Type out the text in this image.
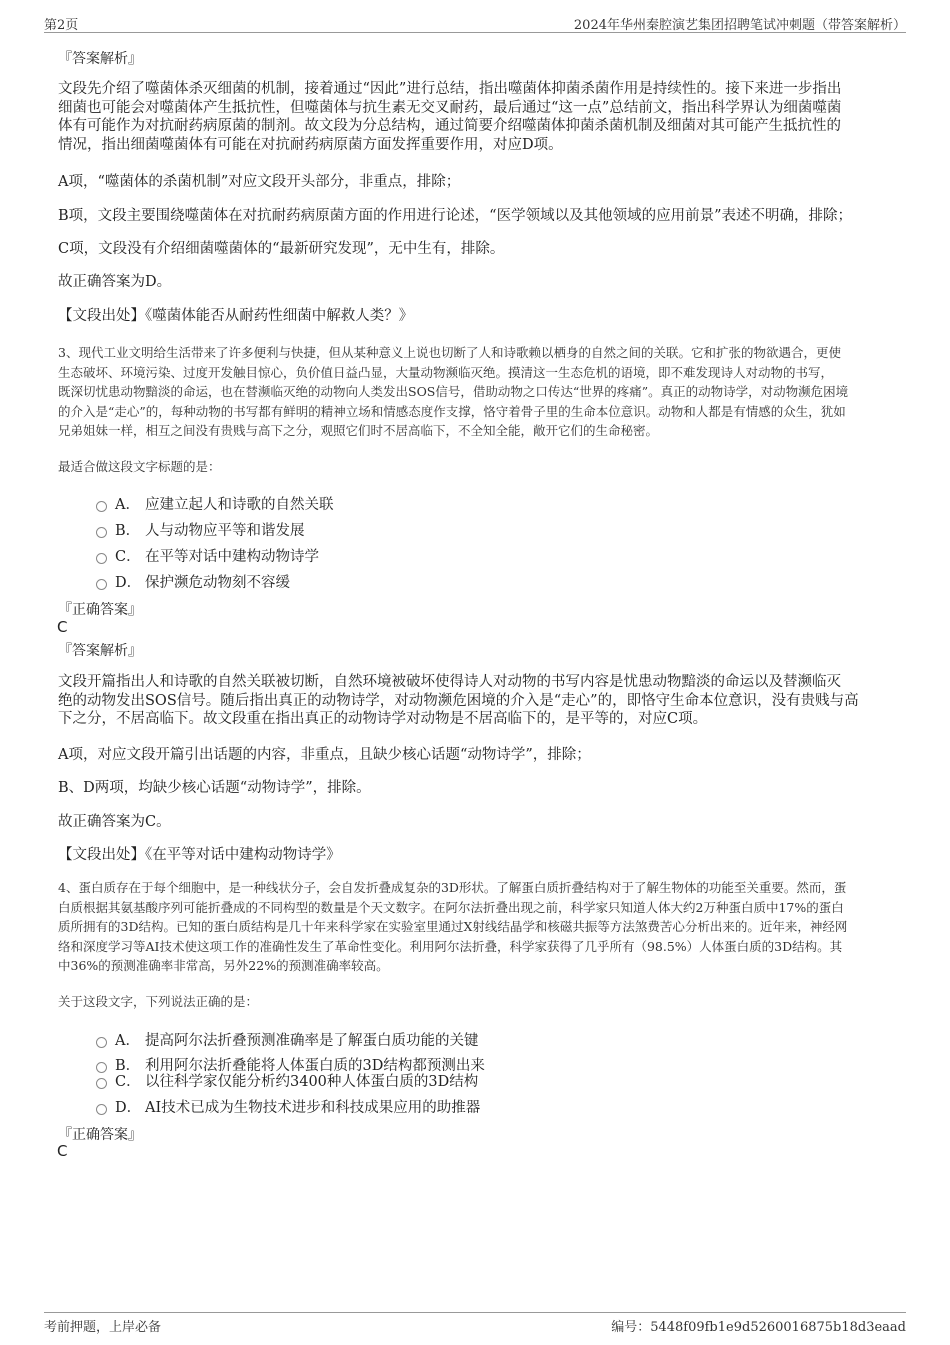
第2页	2024年华州秦腔演艺集团招聘笔试冲刺题（带答案解析）
『答案解析』
文段先介绍了噬菌体杀灭细菌的机制，接着通过“因此”进行总结，指出噬菌体抑菌杀菌作用是持续性的。接下来进一步指出
细菌也可能会对噬菌体产生抵抗性，但噬菌体与抗生素无交叉耐药，最后通过“这一点”总结前文，指出科学界认为细菌噬菌
体有可能作为对抗耐药病原菌的制剂。故文段为分总结构，通过简要介绍噬菌体抑菌杀菌机制及细菌对其可能产生抵抗性的
情况，指出细菌噬菌体有可能在对抗耐药病原菌方面发挥重要作用，对应D项。
A项，“噬菌体的杀菌机制”对应文段开头部分，非重点，排除；
B项，文段主要围绕噬菌体在对抗耐药病原菌方面的作用进行论述，“医学领域以及其他领域的应用前景”表述不明确，排除；
C项，文段没有介绍细菌噬菌体的“最新研究发现”，无中生有，排除。
故正确答案为D。
【文段出处】《噬菌体能否从耐药性细菌中解救人类？》
3、现代工业文明给生活带来了许多便利与快捷，但从某种意义上说也切断了人和诗歌赖以栖身的自然之间的关联。它和扩张的物欲遇合，更使
生态破坏、环境污染、过度开发触目惊心，负价值日益凸显，大量动物濒临灭绝。摸清这一生态危机的语境，即不难发现诗人对动物的书写，
既深切忧患动物黯淡的命运，也在替濒临灭绝的动物向人类发出SOS信号，借助动物之口传达“世界的疼痛”。真正的动物诗学，对动物濒危困境
的介入是“走心”的，每种动物的书写都有鲜明的精神立场和情感态度作支撑，恪守着骨子里的生命本位意识。动物和人都是有情感的众生，犹如
兄弟姐妹一样，相互之间没有贵贱与高下之分，观照它们时不居高临下，不全知全能，敞开它们的生命秘密。
最适合做这段文字标题的是：
A． 应建立起人和诗歌的自然关联
B． 人与动物应平等和谐发展
C． 在平等对话中建构动物诗学
D． 保护濒危动物刻不容缓
『正确答案』
C
『答案解析』
文段开篇指出人和诗歌的自然关联被切断，自然环境被破坏使得诗人对动物的书写内容是忧患动物黯淡的命运以及替濒临灭
绝的动物发出SOS信号。随后指出真正的动物诗学，对动物濒危困境的介入是“走心”的，即恪守生命本位意识，没有贵贱与高
下之分，不居高临下。故文段重在指出真正的动物诗学对动物是不居高临下的，是平等的，对应C项。
A项，对应文段开篇引出话题的内容，非重点，且缺少核心话题“动物诗学”，排除；
B、D两项，均缺少核心话题“动物诗学”，排除。
故正确答案为C。
【文段出处】《在平等对话中建构动物诗学》
4、蛋白质存在于每个细胞中，是一种线状分子，会自发折叠成复杂的3D形状。了解蛋白质折叠结构对于了解生物体的功能至关重要。然而，蛋
白质根据其氨基酸序列可能折叠成的不同构型的数量是个天文数字。在阿尔法折叠出现之前，科学家只知道人体大约2万种蛋白质中17%的蛋白
质所拥有的3D结构。已知的蛋白质结构是几十年来科学家在实验室里通过X射线结晶学和核磁共振等方法煞费苦心分析出来的。近年来，神经网
络和深度学习等AI技术使这项工作的准确性发生了革命性变化。利用阿尔法折叠，科学家获得了几乎所有（98.5%）人体蛋白质的3D结构。其
中36%的预测准确率非常高，另外22%的预测准确率较高。
关于这段文字，下列说法正确的是：
A． 提高阿尔法折叠预测准确率是了解蛋白质功能的关键
B． 利用阿尔法折叠能将人体蛋白质的3D结构都预测出来
C． 以往科学家仅能分析约3400种人体蛋白质的3D结构
D． AI技术已成为生物技术进步和科技成果应用的助推器
『正确答案』
C
考前押题，上岸必备	编号：5448f09fb1e9d5260016875b18d3eaad
